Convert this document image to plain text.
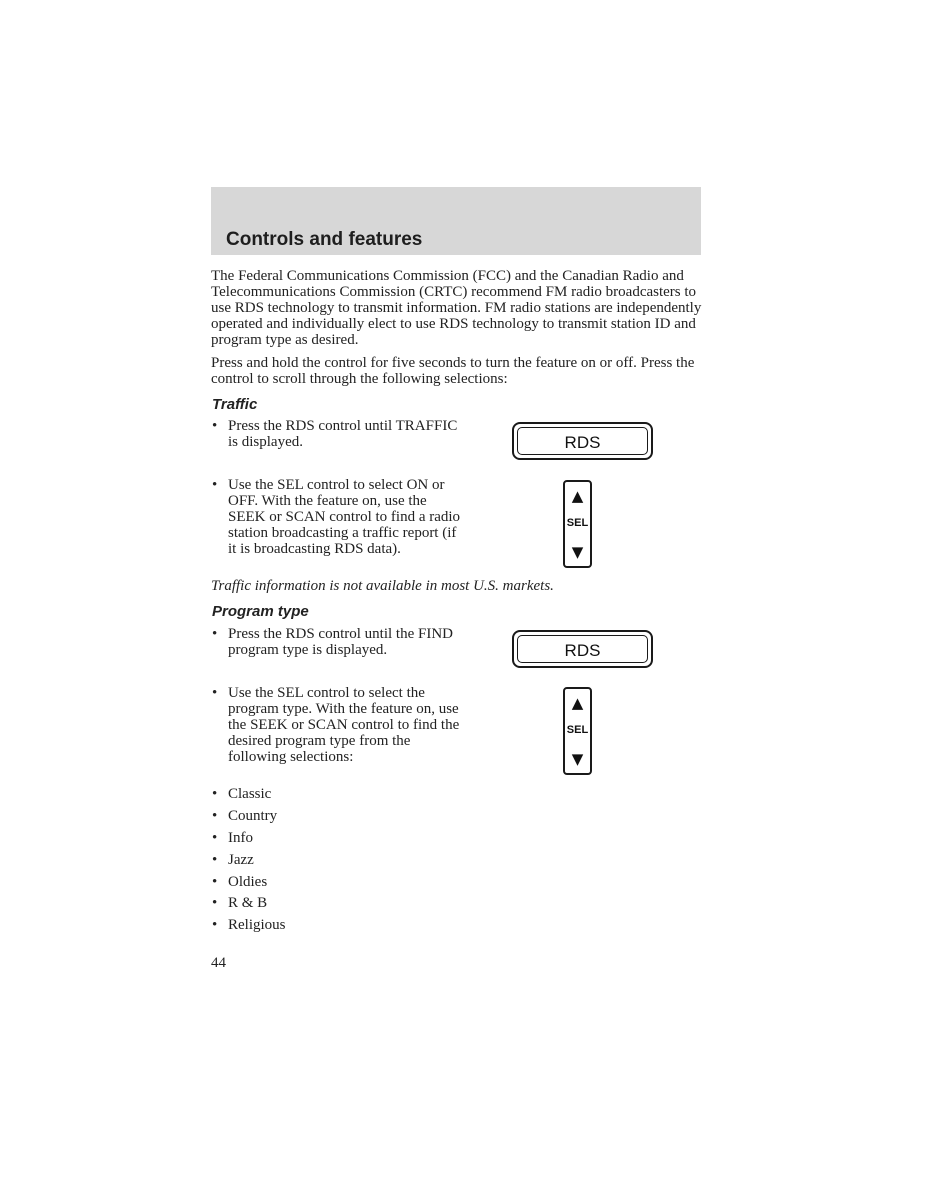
Controls and features

The Federal Communications Commission (FCC) and the Canadian Radio and Telecommunications Commission (CRTC) recommend FM radio broadcasters to use RDS technology to transmit information. FM radio stations are independently operated and individually elect to use RDS technology to transmit station ID and program type as desired.

Press and hold the control for five seconds to turn the feature on or off. Press the control to scroll through the following selections:

Traffic
• Press the RDS control until TRAFFIC is displayed.	RDS
• Use the SEL control to select ON or OFF. With the feature on, use the SEEK or SCAN control to find a radio station broadcasting a traffic report (if it is broadcasting RDS data).
▲
SEL
▼

Traffic information is not available in most U.S. markets.

Program type
• Press the RDS control until the FIND program type is displayed.	RDS
• Use the SEL control to select the program type. With the feature on, use the SEEK or SCAN control to find the desired program type from the following selections:
▲
SEL
▼
• Classic
• Country
• Info
• Jazz
• Oldies
• R & B
• Religious

44
